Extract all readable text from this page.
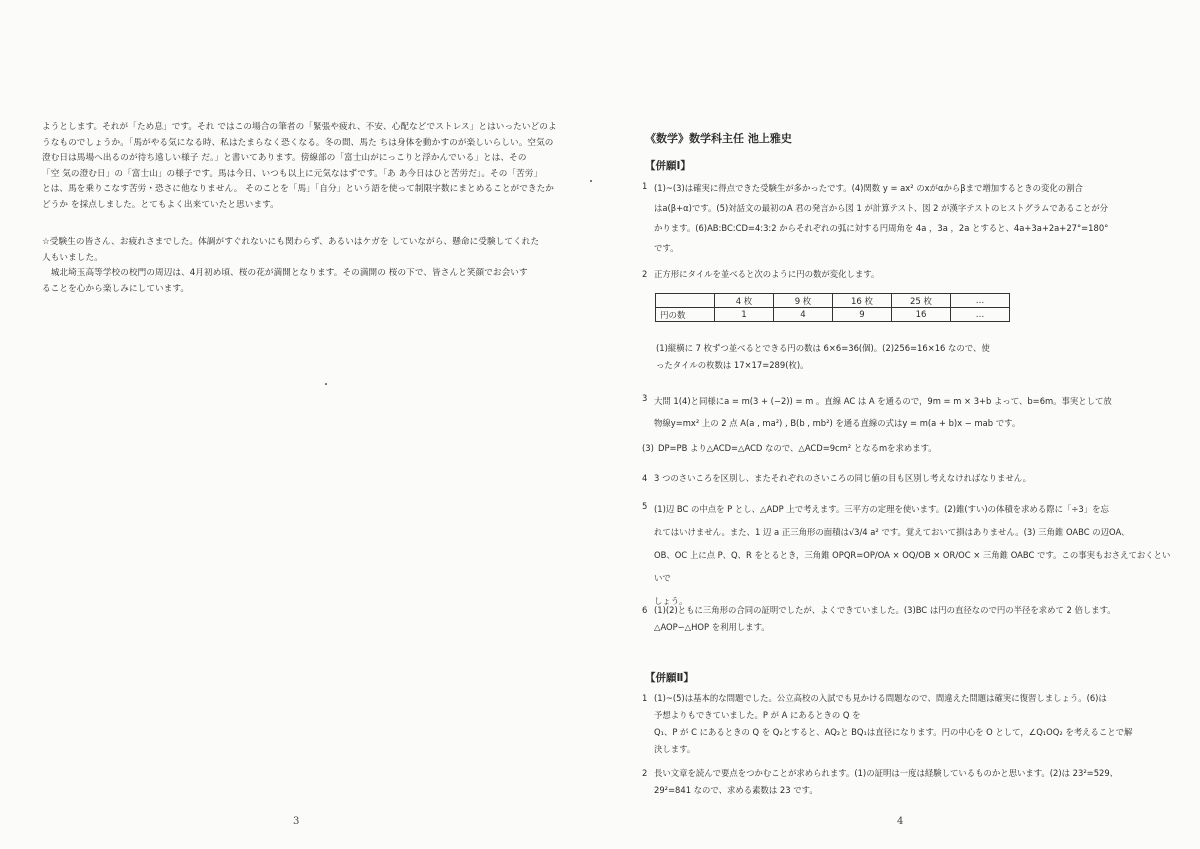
ようとします。それが「ため息」です。それ ではこの場合の筆者の「緊張や疲れ、不安、心配などでストレス」とはいったいどのよ
うなものでしょうか。「馬がやる気になる時、私はたまらなく恐くなる。冬の間、馬た ちは身体を動かすのが楽しいらしい。空気の
澄む日は馬場へ出るのが待ち遠しい様子 だ。」と書いてあります。傍線部の「富士山がにっこりと浮かんでいる」とは、その
「空 気の澄む日」の「富士山」の様子です。馬は今日、いつも以上に元気なはずです。「あ あ今日はひと苦労だ」。その「苦労」
とは、馬を乗りこなす苦労・恐さに他なりません。 そのことを「馬」「自分」という語を使って制限字数にまとめることができたか
どうか を採点しました。とてもよく出来ていたと思います。
☆受験生の皆さん、お疲れさまでした。体調がすぐれないにも関わらず、あるいはケガを していながら、懸命に受験してくれた
人もいました。
　城北埼玉高等学校の校門の周辺は、4月初め頃、桜の花が満開となります。その満開の 桜の下で、皆さんと笑顔でお会いす
ることを心から楽しみにしています。
3
《数学》数学科主任 池上雅史
【併願Ⅰ】

1 (1)~(3)は確実に得点できた受験生が多かったです。(4)関数 y = ax² のxがαからβまで増加するときの変化の割合
はa(β+α)です。(5)対話文の最初のA 君の発言から図 1 が計算テスト、図 2 が漢字テストのヒストグラムであることが分
かります。(6)AB:BC:CD=4:3:2 からそれぞれの弧に対する円周角を 4a ，3a ，2a とすると、4a+3a+2a+27°=180°
です。

2 正方形にタイルを並べると次のように円の数が変化します。

	4 枚	9 枚	16 枚	25 枚	…
円の数	1	4	9	16	…

(1)縦横に 7 枚ずつ並べるとできる円の数は 6×6=36(個)。(2)256=16×16 なので、使
ったタイルの枚数は 17×17=289(枚)。

3 大問 1(4)と同様にa = m(3 + (−2)) = m 。直線 AC は A を通るので，9m = m × 3+b よって、b=6m。事実として放
物線y=mx² 上の 2 点 A(a , ma²) , B(b , mb²) を通る直線の式はy = m(a + b)x − mab です。

(3) DP=PB より△ACD=△ACD なので、△ACD=9cm² となるmを求めます。

4 3 つのさいころを区別し、またそれぞれのさいころの同じ値の目も区別し考えなければなりません。

5 (1)辺 BC の中点を P とし、△ADP 上で考えます。三平方の定理を使います。(2)錐(すい)の体積を求める際に「÷3」を忘
れてはいけません。また、1 辺 a 正三角形の面積は√3/4 a² です。覚えておいて損はありません。(3) 三角錐 OABC の辺OA、
OB、OC 上に点 P、Q、R をとるとき，三角錐 OPQR=OP/OA × OQ/OB × OR/OC × 三角錐 OABC です。この事実もおさえておくといいで
しょう。

6 (1)(2)ともに三角形の合同の証明でしたが、よくできていました。(3)BC は円の直径なので円の半径を求めて 2 倍します。
△AOP∽△HOP を利用します。

【併願Ⅱ】

1 (1)~(5)は基本的な問題でした。公立高校の入試でも見かける問題なので、間違えた問題は確実に復習しましょう。(6)は
予想よりもできていました。P が A にあるときの Q を
Q₁、P が C にあるときの Q を Q₂とすると、AQ₂と BQ₁は直径になります。円の中心を O として，∠Q₁OQ₂ を考えることで解
決します。

2 長い文章を読んで要点をつかむことが求められます。(1)の証明は一度は経験しているものかと思います。(2)は 23²=529、
29²=841 なので、求める素数は 23 です。

4
